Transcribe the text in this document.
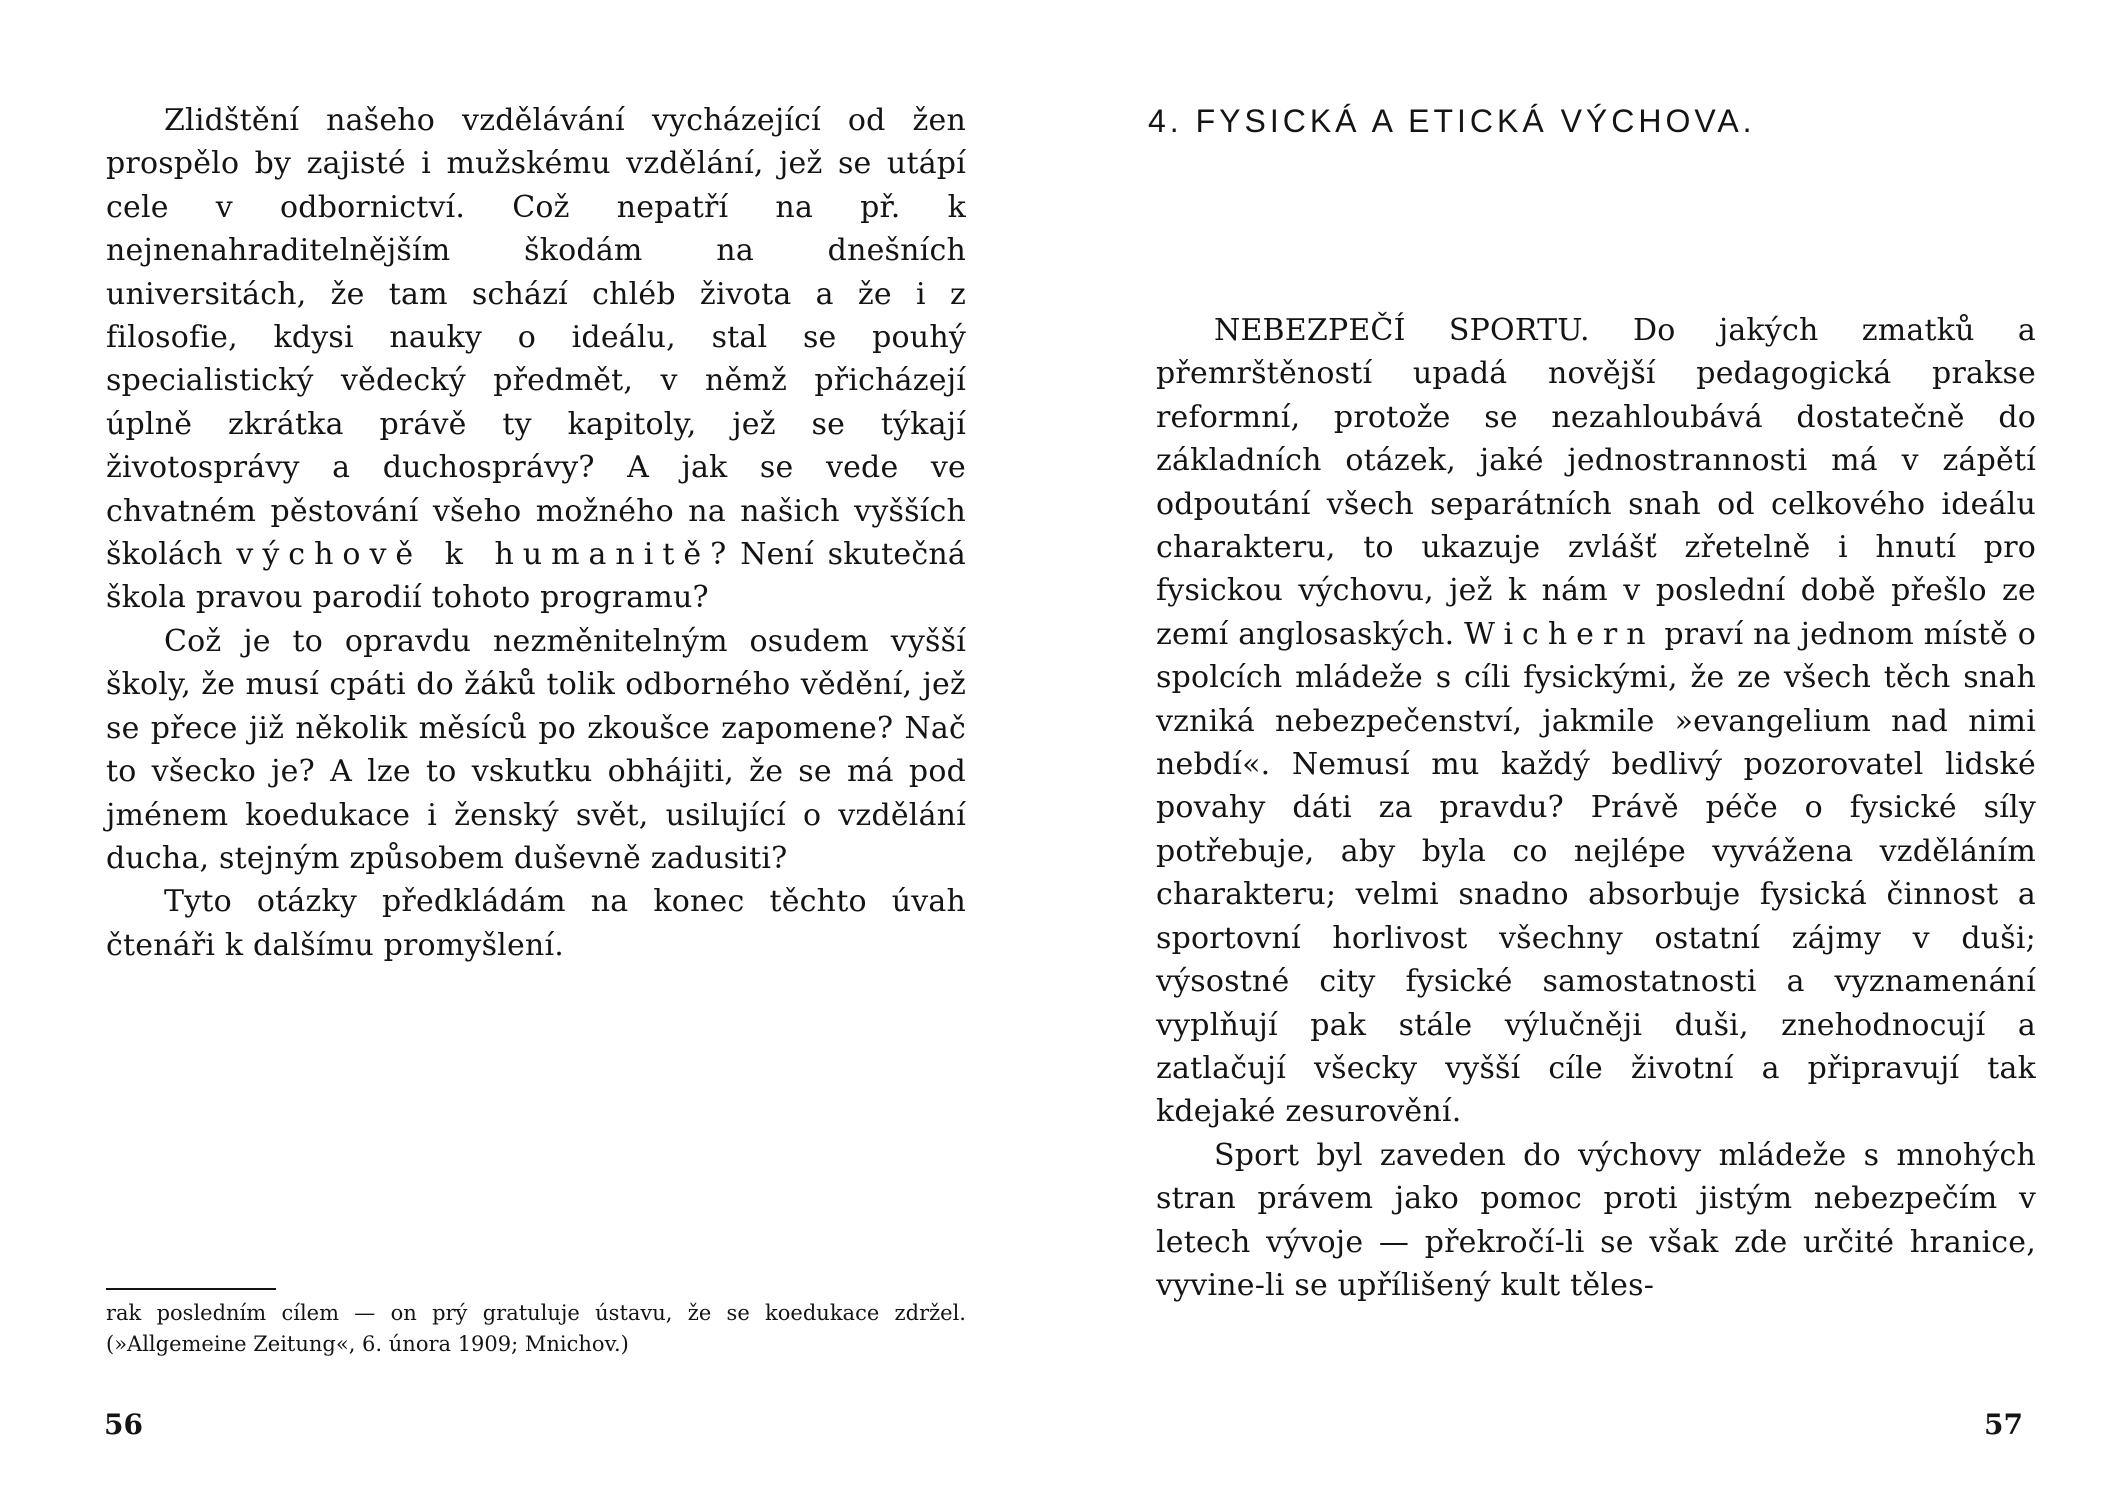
Zlidštění našeho vzdělávání vycházející od žen prospělo by zajisté i mužskému vzdělání, jež se utápí cele v odbornictví. Což nepatří na př. k nejnenahraditelnějším škodám na dnešních universitách, že tam schází chléb života a že i z filosofie, kdysi nauky o ideálu, stal se pouhý specialistický vědecký předmět, v němž přicházejí úplně zkrátka právě ty kapitoly, jež se týkají životosprávy a duchosprávy? A jak se vede ve chvatném pěstování všeho možného na našich vyšších školách výchově k humanitě? Není skutečná škola pravou parodií tohoto programu?

Což je to opravdu nezměnitelným osudem vyšší školy, že musí cpáti do žáků tolik odborného vědění, jež se přece již několik měsíců po zkoušce zapomene? Nač to všecko je? A lze to vskutku obhájiti, že se má pod jménem koedukace i ženský svět, usilující o vzdělání ducha, stejným způsobem duševně zadusiti?

Tyto otázky předkládám na konec těchto úvah čtenáři k dalšímu promyšlení.

rak posledním cílem — on prý gratuluje ústavu, že se koedukace zdržel. (»Allgemeine Zeitung«, 6. února 1909; Mnichov.)

56

4. FYSICKÁ A ETICKÁ VÝCHOVA.

NEBEZPEČÍ SPORTU. Do jakých zmatků a přemrštěností upadá novější pedagogická prakse reformní, protože se nezahloubává dostatečně do základních otázek, jaké jednostrannosti má v zápětí odpoutání všech separátních snah od celkového ideálu charakteru, to ukazuje zvlášť zřetelně i hnutí pro fysickou výchovu, jež k nám v poslední době přešlo ze zemí anglosaských. Wichern praví na jednom místě o spolcích mládeže s cíli fysickými, že ze všech těch snah vzniká nebezpečenství, jakmile »evangelium nad nimi nebdí«. Nemusí mu každý bedlivý pozorovatel lidské povahy dáti za pravdu? Právě péče o fysické síly potřebuje, aby byla co nejlépe vyvážena vzděláním charakteru; velmi snadno absorbuje fysická činnost a sportovní horlivost všechny ostatní zájmy v duši; výsostné city fysické samostatnosti a vyznamenání vyplňují pak stále výlučněji duši, znehodnocují a zatlačují všecky vyšší cíle životní a připravují tak kdejaké zesurovění.

Sport byl zaveden do výchovy mládeže s mnohých stran právem jako pomoc proti jistým nebezpečím v letech vývoje — překročí-li se však zde určité hranice, vyvine-li se upřílišený kult těles-

57
